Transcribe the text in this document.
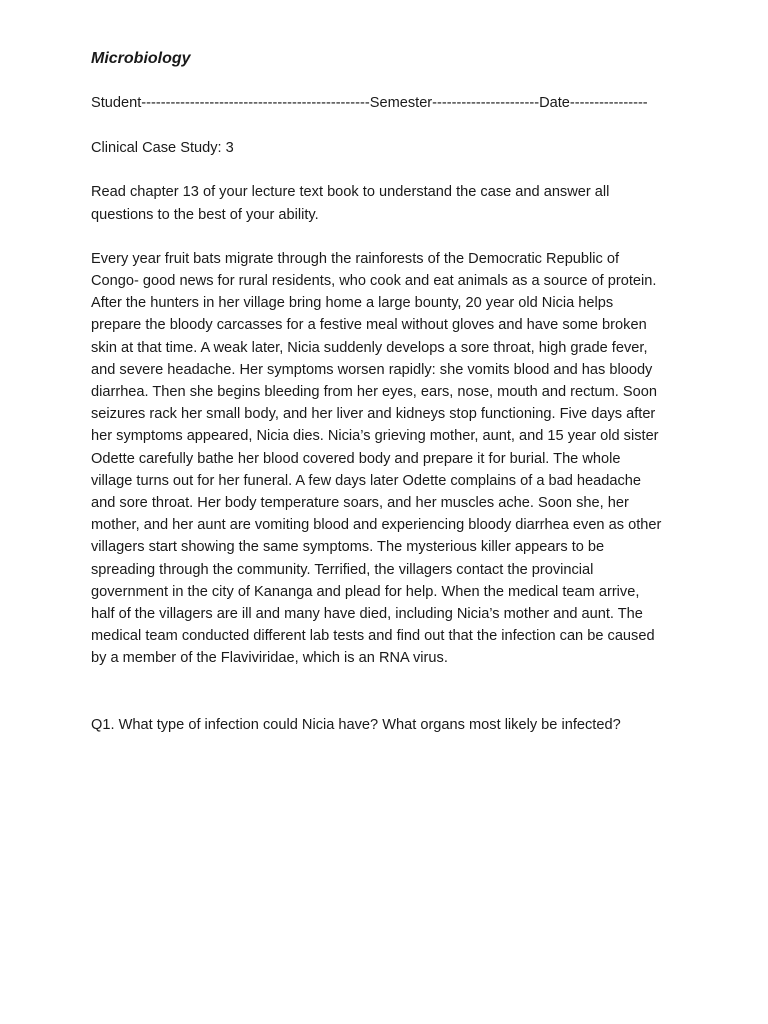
Microbiology

Student-----------------------------------------------Semester----------------------Date----------------

Clinical Case Study: 3

Read chapter 13 of your lecture text book to understand the case and answer all

questions to the best of your ability.

Every year fruit bats migrate through the rainforests of the Democratic Republic of

Congo- good news for rural residents, who cook and eat animals as a source of protein.

After the hunters in her village bring home a large bounty, 20 year old Nicia helps

prepare the bloody carcasses for a festive meal without gloves and have some broken

skin at that time. A weak later, Nicia suddenly develops a sore throat, high grade fever,

and severe headache. Her symptoms worsen rapidly: she vomits blood and has bloody

diarrhea. Then she begins bleeding from her eyes, ears, nose, mouth and rectum. Soon

seizures rack her small body, and her liver and kidneys stop functioning. Five days after

her symptoms appeared, Nicia dies. Nicia’s grieving mother, aunt, and 15 year old sister

Odette carefully bathe her blood covered body and prepare it for burial. The whole

village turns out for her funeral. A few days later Odette complains of a bad headache

and sore throat. Her body temperature soars, and her muscles ache. Soon she, her

mother, and her aunt are vomiting blood and experiencing bloody diarrhea even as other

villagers start showing the same symptoms. The mysterious killer appears to be

spreading through the community. Terrified, the villagers contact the provincial

government in the city of Kananga and plead for help. When the medical team arrive,

half of the villagers are ill and many have died, including Nicia’s mother and aunt. The

medical team conducted different lab tests and find out that the infection can be caused

by a member of the Flaviviridae, which is an RNA virus.

Q1. What type of infection could Nicia have? What organs most likely be infected?
